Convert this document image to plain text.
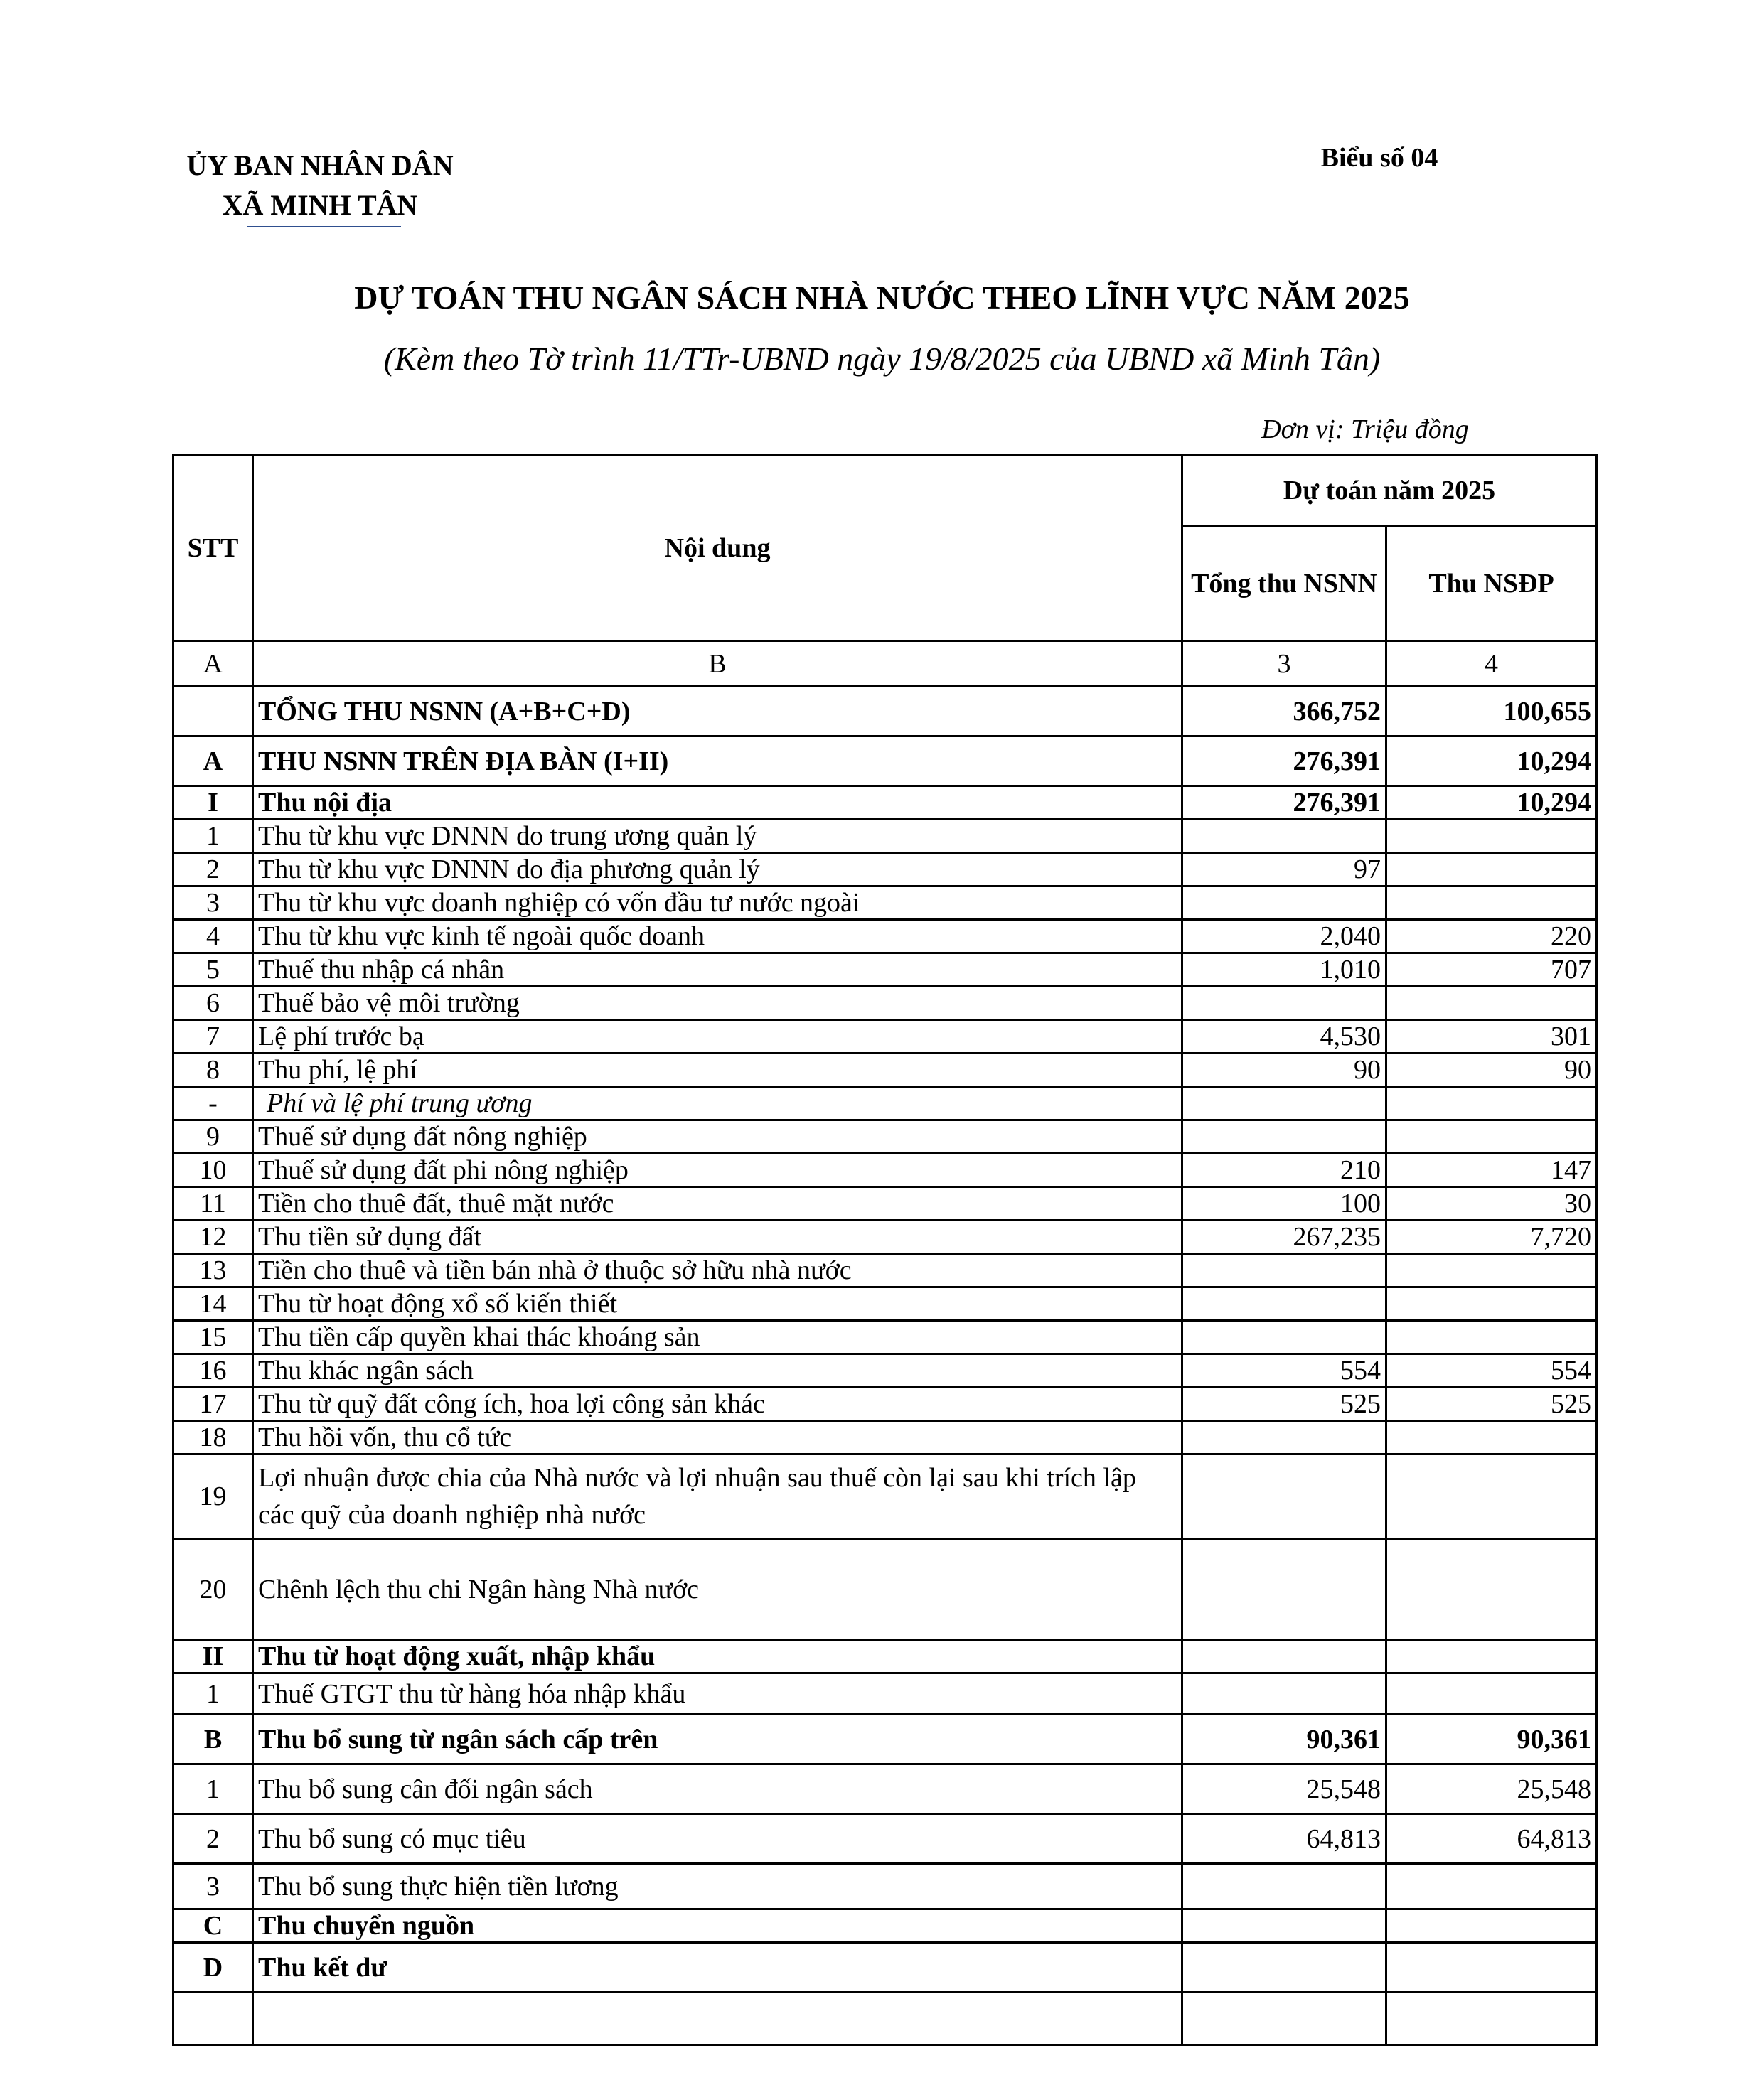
ỦY BAN NHÂN DÂN
XÃ MINH TÂN
Biểu số 04
DỰ TOÁN THU NGÂN SÁCH NHÀ NƯỚC THEO LĨNH VỰC NĂM 2025
(Kèm theo Tờ trình 11/TTr-UBND ngày 19/8/2025 của UBND xã Minh Tân)
Đơn vị: Triệu đồng
STT	Nội dung	Dự toán năm 2025	
		Tổng thu NSNN	Thu NSĐP
A	B	3	4
	TỔNG THU NSNN (A+B+C+D)	366,752	100,655
A	THU NSNN TRÊN ĐỊA BÀN (I+II)	276,391	10,294
I	Thu nội địa	276,391	10,294
1	Thu từ khu vực DNNN do trung ương quản lý		
2	Thu từ khu vực DNNN do địa phương quản lý	97	
3	Thu từ khu vực doanh nghiệp có vốn đầu tư nước ngoài		
4	Thu từ khu vực kinh tế ngoài quốc doanh	2,040	220
5	Thuế thu nhập cá nhân	1,010	707
6	Thuế bảo vệ môi trường		
7	Lệ phí trước bạ	4,530	301
8	Thu phí, lệ phí	90	90
-	Phí và lệ phí trung ương		
9	Thuế sử dụng đất nông nghiệp		
10	Thuế sử dụng đất phi nông nghiệp	210	147
11	Tiền cho thuê đất, thuê mặt nước	100	30
12	Thu tiền sử dụng đất	267,235	7,720
13	Tiền cho thuê và tiền bán nhà ở thuộc sở hữu nhà nước		
14	Thu từ hoạt động xổ số kiến thiết		
15	Thu tiền cấp quyền khai thác khoáng sản		
16	Thu khác ngân sách	554	554
17	Thu từ quỹ đất công ích, hoa lợi công sản khác	525	525
18	Thu hồi vốn, thu cổ tức		
19	Lợi nhuận được chia của Nhà nước và lợi nhuận sau thuế còn lại sau khi trích lập các quỹ của doanh nghiệp nhà nước		
20	Chênh lệch thu chi Ngân hàng Nhà nước		
II	Thu từ hoạt động xuất, nhập khẩu		
1	Thuế GTGT thu từ hàng hóa nhập khẩu		
B	Thu bổ sung từ ngân sách cấp trên	90,361	90,361
1	Thu bổ sung cân đối ngân sách	25,548	25,548
2	Thu bổ sung có mục tiêu	64,813	64,813
3	Thu bổ sung thực hiện tiền lương		
C	Thu chuyển nguồn		
D	Thu kết dư		
